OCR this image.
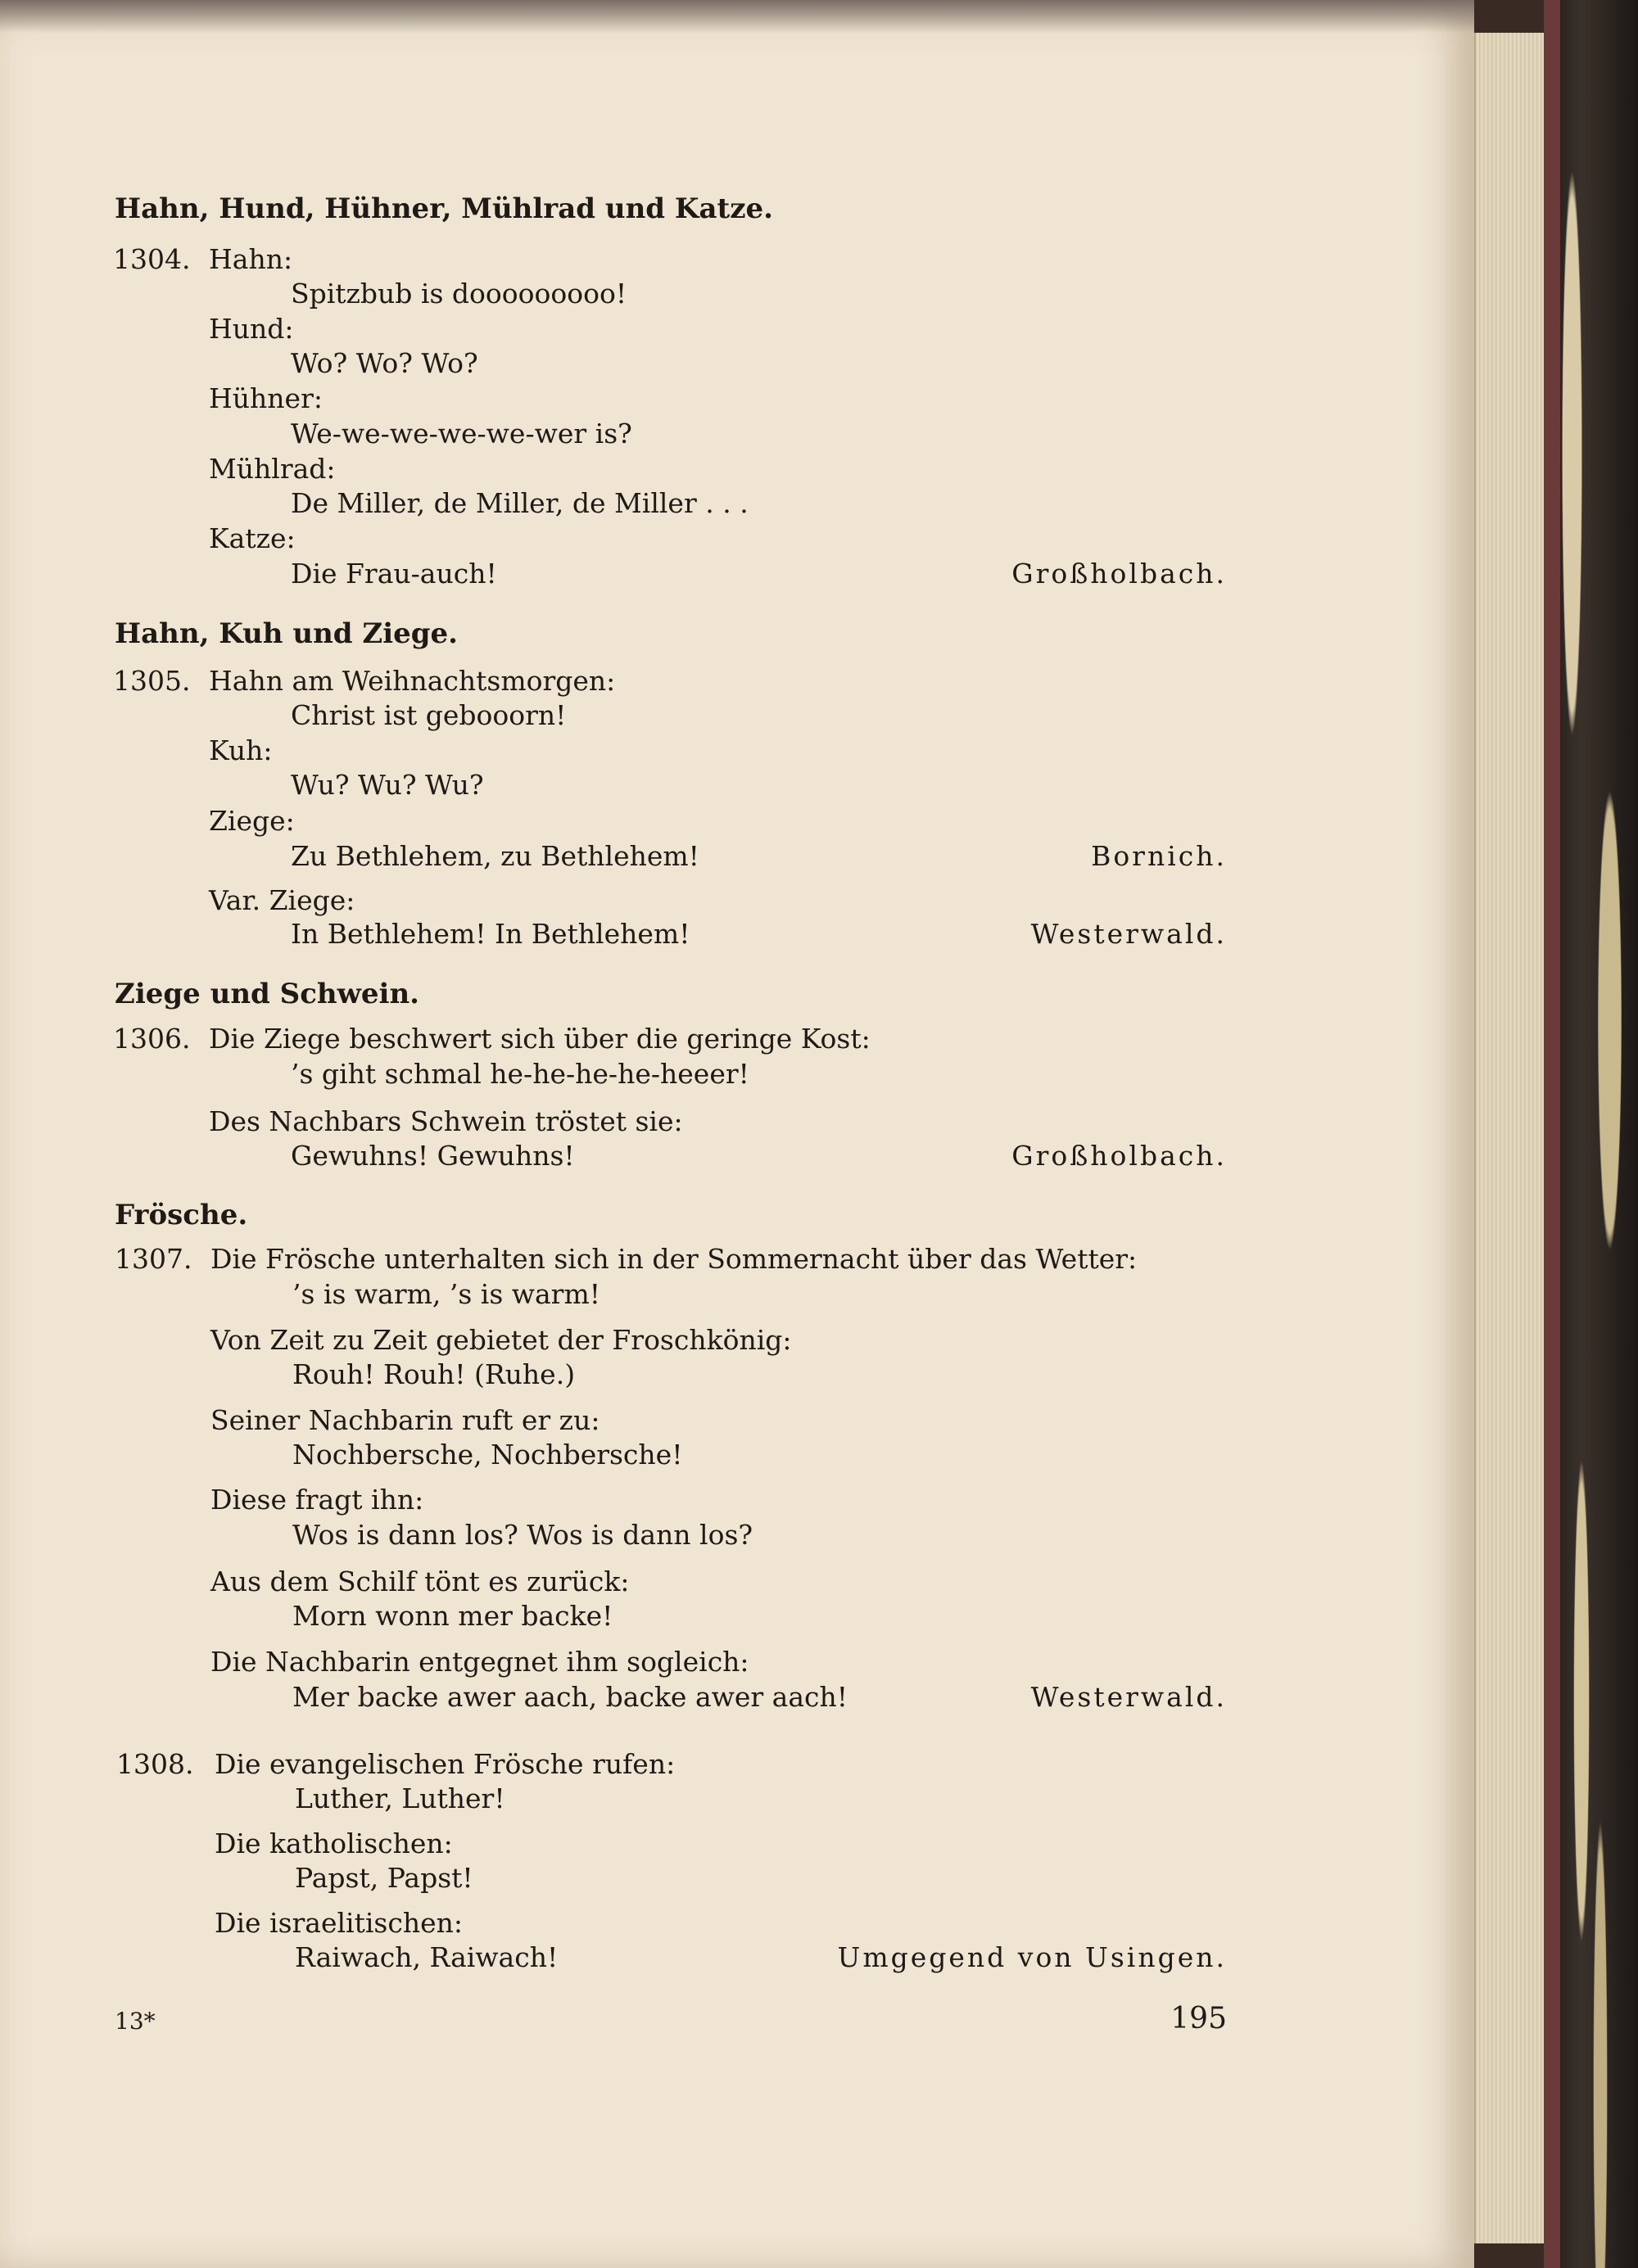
Hahn, Hund, Hühner, Mühlrad und Katze.
1304. Hahn:
Spitzbub is dooooooooo!
Hund:
Wo? Wo? Wo?
Hühner:
We-we-we-we-we-wer is?
Mühlrad:
De Miller, de Miller, de Miller . . .
Katze:
Die Frau-auch!	Großholbach.
Hahn, Kuh und Ziege.
1305. Hahn am Weihnachtsmorgen:
Christ ist gebooorn!
Kuh:
Wu? Wu? Wu?
Ziege:
Zu Bethlehem, zu Bethlehem!	Bornich.
Var. Ziege:
In Bethlehem! In Bethlehem!	Westerwald.
Ziege und Schwein.
1306. Die Ziege beschwert sich über die geringe Kost:
’s giht schmal he-he-he-he-heeer!
Des Nachbars Schwein tröstet sie:
Gewuhns! Gewuhns!	Großholbach.
Frösche.
1307. Die Frösche unterhalten sich in der Sommernacht über das Wetter:
’s is warm, ’s is warm!
Von Zeit zu Zeit gebietet der Froschkönig:
Rouh! Rouh! (Ruhe.)
Seiner Nachbarin ruft er zu:
Nochbersche, Nochbersche!
Diese fragt ihn:
Wos is dann los? Wos is dann los?
Aus dem Schilf tönt es zurück:
Morn wonn mer backe!
Die Nachbarin entgegnet ihm sogleich:
Mer backe awer aach, backe awer aach!	Westerwald.
1308. Die evangelischen Frösche rufen:
Luther, Luther!
Die katholischen:
Papst, Papst!
Die israelitischen:
Raiwach, Raiwach!	Umgegend von Usingen.
13*	195
